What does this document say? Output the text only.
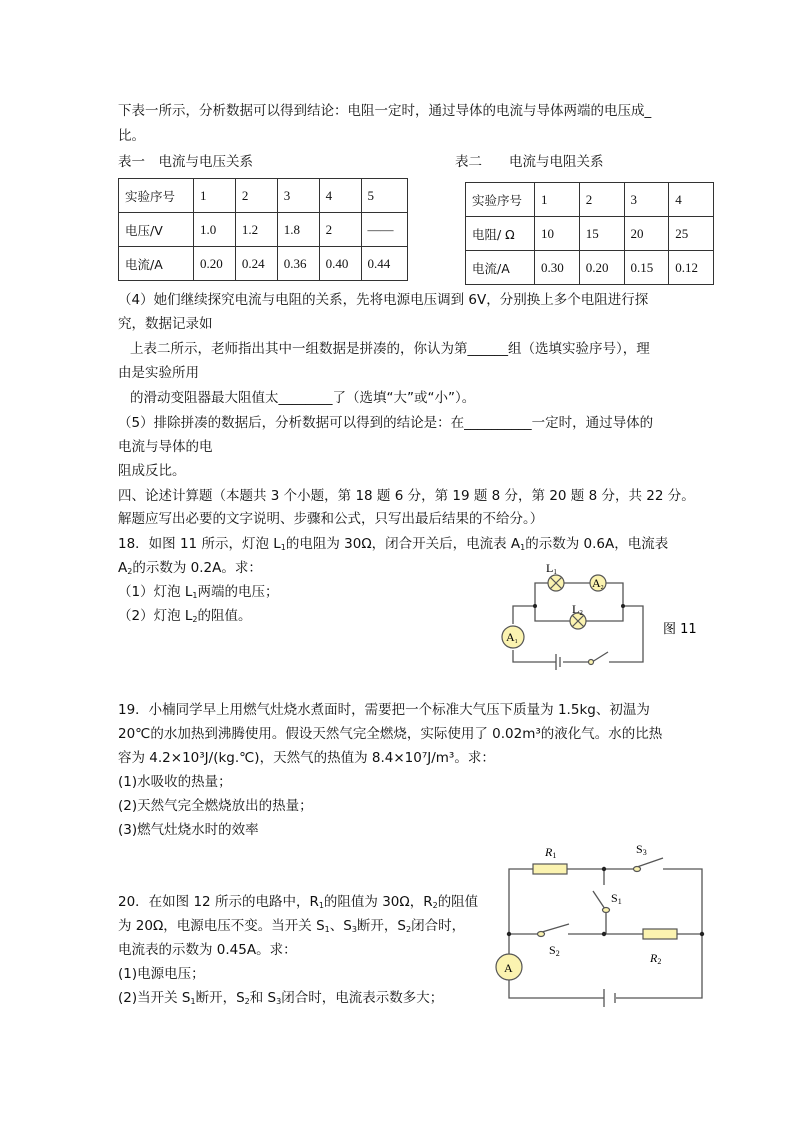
下表一所示，分析数据可以得到结论：电阻一定时，通过导体的电流与导体两端的电压成_
比。
（4）她们继续探究电流与电阻的关系，先将电源电压调到 6V，分别换上多个电阻进行探
究，数据记录如
上表二所示，老师指出其中一组数据是拼凑的，你认为第______组（选填实验序号），理
由是实验所用
的滑动变阻器最大阻值太________了（选填“大”或“小”）。
（5）排除拼凑的数据后，分析数据可以得到的结论是：在__________一定时，通过导体的
电流与导体的电
阻成反比。
四、论述计算题（本题共 3 个小题，第 18 题 6 分，第 19 题 8 分，第 20 题 8 分，共 22 分。
解题应写出必要的文字说明、步骤和公式，只写出最后结果的不给分。）
18．如图 11 所示，灯泡 $L_1$的电阻为 30Ω，闭合开关后，电流表 $A_1$的示数为 0.6A，电流表
$A_2$的示数为 0.2A。求：
（1）灯泡 $L_1$两端的电压；
（2）灯泡 $L_2$的阻值。
19．小楠同学早上用燃气灶烧水煮面时，需要把一个标准大气压下质量为 1.5kg、初温为
20℃的水加热到沸腾使用。假设天然气完全燃烧，实际使用了 0.02m³的液化气。水的比热
容为 4.2×10³J/(kg.℃)，天然气的热值为 8.4×10⁷J/m³。求：
(1)水吸收的热量；
(2)天然气完全燃烧放出的热量；
(3)燃气灶烧水时的效率
20．在如图 12 所示的电路中，$R_1$的阻值为 30Ω，$R_2$的阻值
为 20Ω，电源电压不变。当开关 $S_1$、$S_3$断开，$S_2$闭合时，
电流表的示数为 0.45A。求：
(1)电源电压；
(2)当开关 $S_1$断开，$S_2$和 $S_3$闭合时，电流表示数多大；
表一　电流与电压关系	表二　　电流与电阻关系
实验序号	1	2	3	4	5
电压/V	1.0	1.2	1.8	2	——
电流/A	0.20	0.24	0.36	0.40	0.44
实验序号	1	2	3	4
电阻/ Ω	10	15	20	25
电流/A	0.30	0.20	0.15	0.12
L1
L2
A2
A1
图 11
R1	S3
S1
S2	R2
A
